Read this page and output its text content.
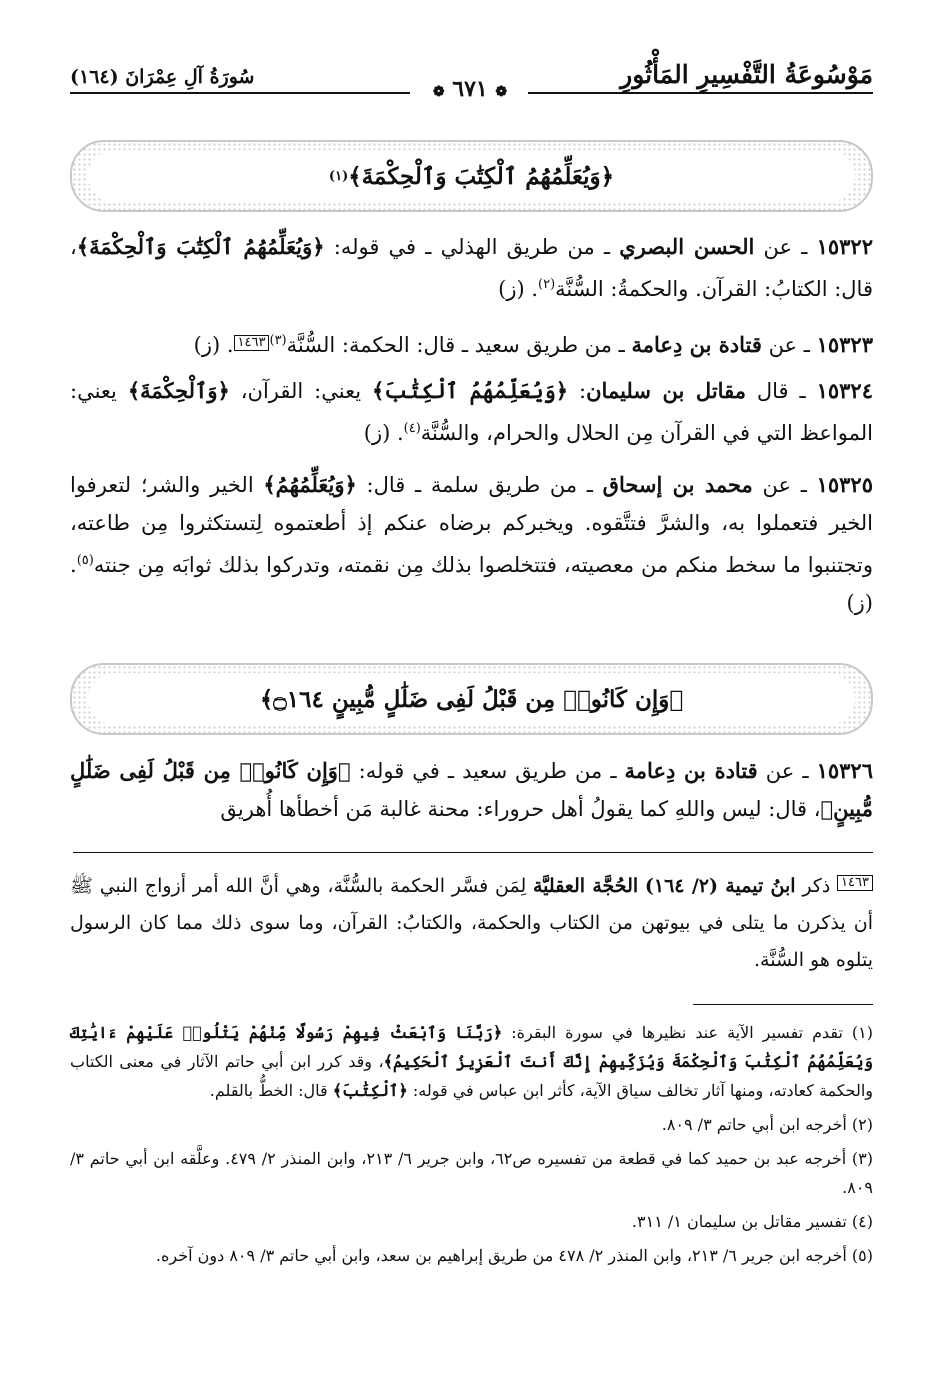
مَوْسُوعَةُ التَّفْسِيرِ المَأْثُورِ
❁ ٦٧١ ❁
سُورَةُ آلِ عِمْرَانَ (١٦٤)
﴿وَيُعَلِّمُهُمُ ٱلْكِتَٰبَ وَٱلْحِكْمَةَ﴾
(١)
١٥٣٢٢ ـ عن الحسن البصري ـ من طريق الهذلي ـ في قوله: ﴿وَيُعَلِّمُهُمُ ٱلْكِتَٰبَ وَٱلْحِكْمَةَ﴾، قال: الكتابُ: القرآن. والحكمةُ: السُّنَّة$^{(٢)}$. (ز)
١٥٣٢٣ ـ عن قتادة بن دِعامة ـ من طريق سعيد ـ قال: الحكمة: السُّنَّة$^{(٣)}$١٤٦٣. (ز)
١٥٣٢٤ ـ قال مقاتل بن سليمان: ﴿وَيُعَلِّمُهُمُ ٱلْكِتَٰبَ﴾ يعني: القرآن، ﴿وَٱلْحِكْمَةَ﴾ يعني: المواعظ التي في القرآن مِن الحلال والحرام، والسُّنَّة$^{(٤)}$. (ز)
١٥٣٢٥ ـ عن محمد بن إسحاق ـ من طريق سلمة ـ قال: ﴿وَيُعَلِّمُهُمُ﴾ الخير والشر؛ لتعرفوا الخير فتعملوا به، والشرَّ فتتَّقوه. ويخبركم برضاه عنكم إذ أطعتموه لِتستكثروا مِن طاعته، وتجتنبوا ما سخط منكم من معصيته، فتتخلصوا بذلك مِن نقمته، وتدركوا بذلك ثوابَه مِن جنته$^{(٥)}$. (ز)
﴿وَإِن كَانُوا۟ مِن قَبْلُ لَفِى ضَلَٰلٍ مُّبِينٍ ۝١٦٤﴾
١٥٣٢٦ ـ عن قتادة بن دِعامة ـ من طريق سعيد ـ في قوله: ﴿وَإِن كَانُوا۟ مِن قَبْلُ لَفِى ضَلَٰلٍ مُّبِينٍ﴾، قال: ليس واللهِ كما يقولُ أهل حروراء: محنة غالبة مَن أخطأها أُهريق
١٤٦٣ ذكر ابنُ تيمية (٢/ ١٦٤) الحُجَّة العقليَّة لِمَن فسَّر الحكمة بالسُّنَّة، وهي أنَّ الله أمر أزواج النبي ﷺ أن يذكرن ما يتلى في بيوتهن من الكتاب والحكمة، والكتابُ: القرآن، وما سوى ذلك مما كان الرسول يتلوه هو السُّنَّة.

(١) تقدم تفسير الآية عند نظيرها في سورة البقرة: ﴿رَبَّنَا وَٱبْعَثْ فِيهِمْ رَسُولًا مِّنْهُمْ يَتْلُوا۟ عَلَيْهِمْ ءَايَٰتِكَ وَيُعَلِّمُهُمُ ٱلْكِتَٰبَ وَٱلْحِكْمَةَ وَيُزَكِّيهِمْ إِنَّكَ أَنتَ ٱلْعَزِيزُ ٱلْحَكِيمُ﴾، وقد كرر ابن أبي حاتم الآثار في معنى الكتاب والحكمة كعادته، ومنها آثار تخالف سياق الآية، كأثر ابن عباس في قوله: ﴿ٱلْكِتَٰبَ﴾ قال: الخطُّ بالقلم.

(٢) أخرجه ابن أبي حاتم ٣/ ٨٠٩.

(٣) أخرجه عبد بن حميد كما في قطعة من تفسيره ص٦٢، وابن جرير ٦/ ٢١٣، وابن المنذر ٢/ ٤٧٩. وعلَّقه ابن أبي حاتم ٣/ ٨٠٩.

(٤) تفسير مقاتل بن سليمان ١/ ٣١١.

(٥) أخرجه ابن جرير ٦/ ٢١٣، وابن المنذر ٢/ ٤٧٨ من طريق إبراهيم بن سعد، وابن أبي حاتم ٣/ ٨٠٩ دون آخره.
